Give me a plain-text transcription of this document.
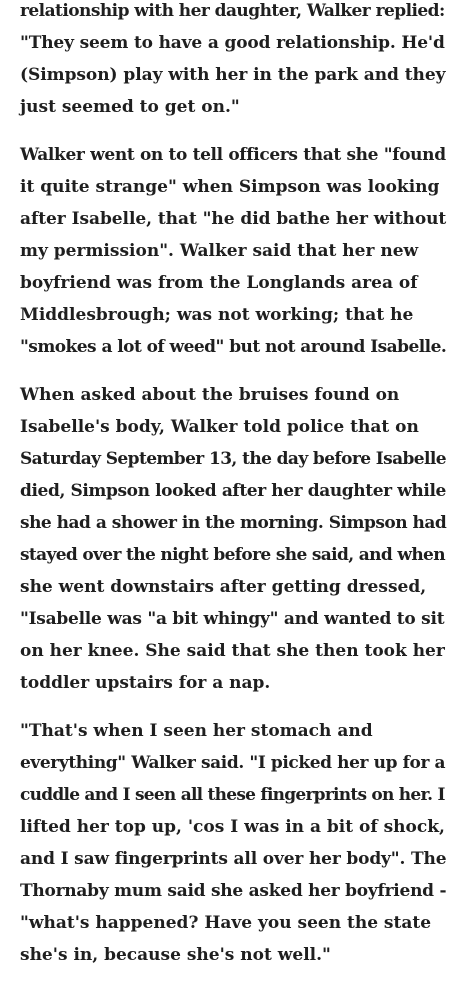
relationship with her daughter, Walker replied:
"They seem to have a good relationship. He'd
(Simpson) play with her in the park and they
just seemed to get on."

Walker went on to tell officers that she "found
it quite strange" when Simpson was looking
after Isabelle, that "he did bathe her without
my permission". Walker said that her new
boyfriend was from the Longlands area of
Middlesbrough; was not working; that he
"smokes a lot of weed" but not around Isabelle.

When asked about the bruises found on
Isabelle's body, Walker told police that on
Saturday September 13, the day before Isabelle
died, Simpson looked after her daughter while
she had a shower in the morning. Simpson had
stayed over the night before she said, and when
she went downstairs after getting dressed,
"Isabelle was "a bit whingy" and wanted to sit
on her knee. She said that she then took her
toddler upstairs for a nap.

"That's when I seen her stomach and
everything" Walker said. "I picked her up for a
cuddle and I seen all these fingerprints on her. I
lifted her top up, 'cos I was in a bit of shock,
and I saw fingerprints all over her body". The
Thornaby mum said she asked her boyfriend -
"what's happened? Have you seen the state
she's in, because she's not well."
